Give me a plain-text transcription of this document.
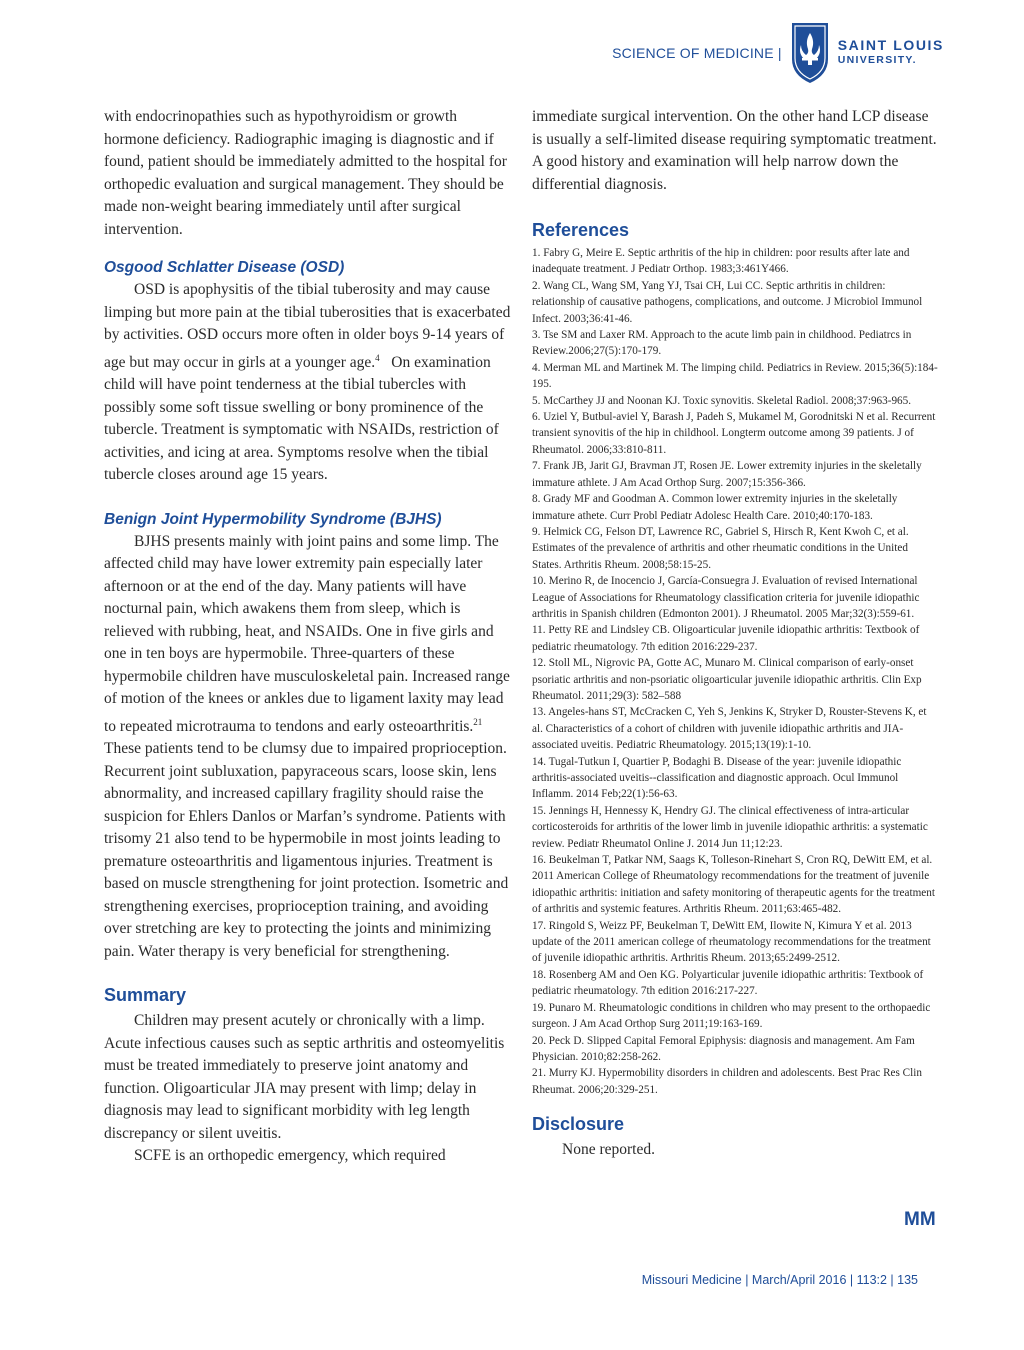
SCIENCE OF MEDICINE |	SAINT LOUIS
UNIVERSITY.

with endocrinopathies such as hypothyroidism or growth hormone deficiency. Radiographic imaging is diagnostic and if found, patient should be immediately admitted to the hospital for orthopedic evaluation and surgical management. They should be made non-weight bearing immediately until after surgical intervention.

Osgood Schlatter Disease (OSD)

OSD is apophysitis of the tibial tuberosity and may cause limping but more pain at the tibial tuberosities that is exacerbated by activities. OSD occurs more often in older boys 9-14 years of age but may occur in girls at a younger age.$^4$   On examination child will have point tenderness at the tibial tubercles with possibly some soft tissue swelling or bony prominence of the tubercle. Treatment is symptomatic with NSAIDs, restriction of activities, and icing at area. Symptoms resolve when the tibial tubercle closes around age 15 years.

Benign Joint Hypermobility Syndrome (BJHS)

BJHS presents mainly with joint pains and some limp. The affected child may have lower extremity pain especially later afternoon or at the end of the day. Many patients will have nocturnal pain, which awakens them from sleep, which is relieved with rubbing, heat, and NSAIDs. One in five girls and one in ten boys are hypermobile. Three-quarters of these hypermobile children have musculoskeletal pain. Increased range of motion of the knees or ankles due to ligament laxity may lead to repeated microtrauma to tendons and early osteoarthritis.$^{21}$ These patients tend to be clumsy due to impaired proprioception. Recurrent joint subluxation, papyraceous scars, loose skin, lens abnormality, and increased capillary fragility should raise the suspicion for Ehlers Danlos or Marfan’s syndrome. Patients with trisomy 21 also tend to be hypermobile in most joints leading to premature osteoarthritis and ligamentous injuries. Treatment is based on muscle strengthening for joint protection. Isometric and strengthening exercises, proprioception training, and avoiding over stretching are key to protecting the joints and minimizing pain. Water therapy is very beneficial for strengthening.

Summary

Children may present acutely or chronically with a limp. Acute infectious causes such as septic arthritis and osteomyelitis must be treated immediately to preserve joint anatomy and function. Oligoarticular JIA may present with limp; delay in diagnosis may lead to significant morbidity with leg length discrepancy or silent uveitis.

SCFE is an orthopedic emergency, which required

immediate surgical intervention. On the other hand LCP disease is usually a self-limited disease requiring symptomatic treatment. A good history and examination will help narrow down the differential diagnosis.

References
1. Fabry G, Meire E. Septic arthritis of the hip in children: poor results after late and inadequate treatment. J Pediatr Orthop. 1983;3:461Y466.
2. Wang CL, Wang SM, Yang YJ, Tsai CH, Lui CC. Septic arthritis in children: relationship of causative pathogens, complications, and outcome. J Microbiol Immunol Infect. 2003;36:41-46.
3. Tse SM and Laxer RM. Approach to the acute limb pain in childhood. Pediatrcs in Review.2006;27(5):170-179.
4. Merman ML and Martinek M. The limping child. Pediatrics in Review. 2015;36(5):184-195.
5. McCarthey JJ and Noonan KJ. Toxic synovitis. Skeletal Radiol. 2008;37:963-965.
6. Uziel Y, Butbul-aviel Y, Barash J, Padeh S, Mukamel M, Gorodnitski N et al. Recurrent transient synovitis of the hip in childhool. Longterm outcome among 39 patients. J of Rheumatol. 2006;33:810-811.
7. Frank JB, Jarit GJ, Bravman JT, Rosen JE. Lower extremity injuries in the skeletally immature athlete. J Am Acad Orthop Surg. 2007;15:356-366.
8. Grady MF and Goodman A. Common lower extremity injuries in the skeletally immature athete. Curr Probl Pediatr Adolesc Health Care. 2010;40:170-183.
9. Helmick CG, Felson DT, Lawrence RC, Gabriel S, Hirsch R, Kent Kwoh C, et al. Estimates of the prevalence of arthritis and other rheumatic conditions in the United States. Arthritis Rheum. 2008;58:15-25.
10. Merino R, de Inocencio J, García-Consuegra J. Evaluation of revised International League of Associations for Rheumatology classification criteria for juvenile idiopathic arthritis in Spanish children (Edmonton 2001). J Rheumatol. 2005 Mar;32(3):559-61.
11. Petty RE and Lindsley CB. Oligoarticular juvenile idiopathic arthritis: Textbook of pediatric rheumatology. 7th edition 2016:229-237.
12. Stoll ML, Nigrovic PA, Gotte AC, Munaro M. Clinical comparison of early-onset psoriatic arthritis and non-psoriatic oligoarticular juvenile idiopathic arthritis. Clin Exp Rheumatol. 2011;29(3): 582–588
13. Angeles-hans ST, McCracken C, Yeh S, Jenkins K, Stryker D, Rouster-Stevens K, et al. Characteristics of a cohort of children with juvenile idiopathic arthritis and JIA-associated uveitis. Pediatric Rheumatology. 2015;13(19):1-10.
14. Tugal-Tutkun I, Quartier P, Bodaghi B. Disease of the year: juvenile idiopathic arthritis-associated uveitis--classification and diagnostic approach. Ocul Immunol Inflamm. 2014 Feb;22(1):56-63.
15. Jennings H, Hennessy K, Hendry GJ. The clinical effectiveness of intra-articular corticosteroids for arthritis of the lower limb in juvenile idiopathic arthritis: a systematic review. Pediatr Rheumatol Online J. 2014 Jun 11;12:23.
16. Beukelman T, Patkar NM, Saags K, Tolleson-Rinehart S, Cron RQ, DeWitt EM, et al. 2011 American College of Rheumatology recommendations for the treatment of juvenile idiopathic arthritis: initiation and safety monitoring of therapeutic agents for the treatment of arthritis and systemic features. Arthritis Rheum. 2011;63:465-482.
17. Ringold S, Weizz PF, Beukelman T, DeWitt EM, Ilowite N, Kimura Y et al. 2013 update of the 2011 american college of rheumatology recommendations for the treatment of juvenile idiopathic arthritis. Arthritis Rheum. 2013;65:2499-2512.
18. Rosenberg AM and Oen KG. Polyarticular juvenile idiopathic arthritis: Textbook of pediatric rheumatology. 7th edition 2016:217-227.
19. Punaro M. Rheumatologic conditions in children who may present to the orthopaedic surgeon. J Am Acad Orthop Surg 2011;19:163-169.
20. Peck D. Slipped Capital Femoral Epiphysis: diagnosis and management. Am Fam Physician. 2010;82:258-262.
21. Murry KJ. Hypermobility disorders in children and adolescents. Best Prac Res Clin Rheumat. 2006;20:329-251.
Disclosure

None reported.

MM
Missouri Medicine | March/April 2016 | 113:2 | 135
